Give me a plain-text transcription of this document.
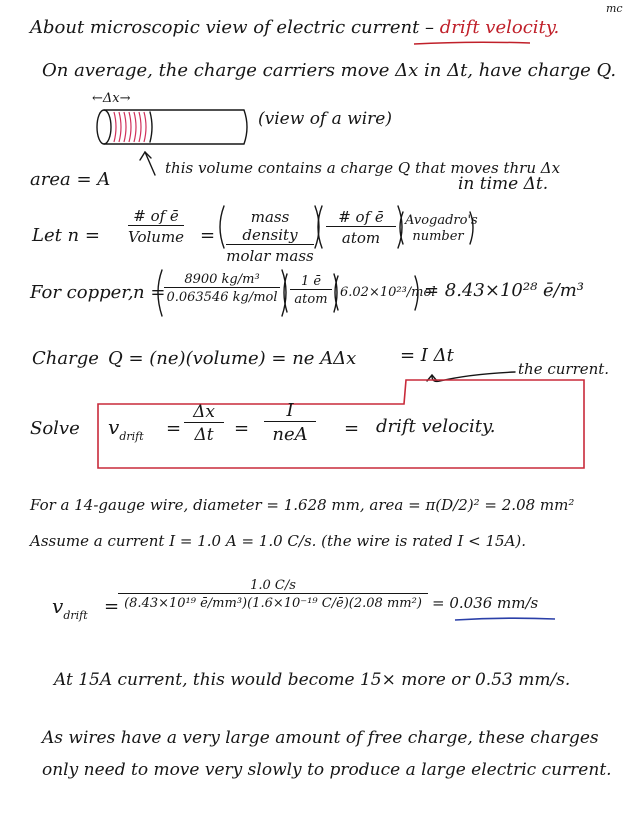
mc
About microscopic view of electric current – drift velocity.
On average, the charge carriers move Δx in Δt, have charge Q.
←Δx→
(view of a wire)
area = A
this volume contains a charge Q that moves thru Δx
in time Δt.
Let n =
# of ē
Volume =
mass density
molar mass
# of ē
atom
Avogadro's
number
For copper, n =
8900 kg/m³
0.063546 kg/mol
1 ē
atom 6.02×10²³/mol
= 8.43×10²⁸ ē/m³
Charge Q = (ne)(volume) = ne AΔx = I Δt
the current.
Solve $v_{drift} = \frac{\Delta x}{\Delta t}$ =
I
neA	= drift velocity.
For a 14-gauge wire, diameter = 1.628 mm, area = π(D/2)² = 2.08 mm²
Assume a current I = 1.0 A = 1.0 C/s. (the wire is rated I < 15A).
$v_{drift}$ =
$\frac{1.0 C/s}{\text{(8.43×10¹⁹ ē/mm³)(1.6×10⁻¹⁹ C/ē)(2.08 mm²)}} = 0.036$ mm/s
At 15A current, this would become 15× more or 0.53 mm/s.
As wires have a very large amount of free charge, these charges
only need to move very slowly to produce a large electric current.
